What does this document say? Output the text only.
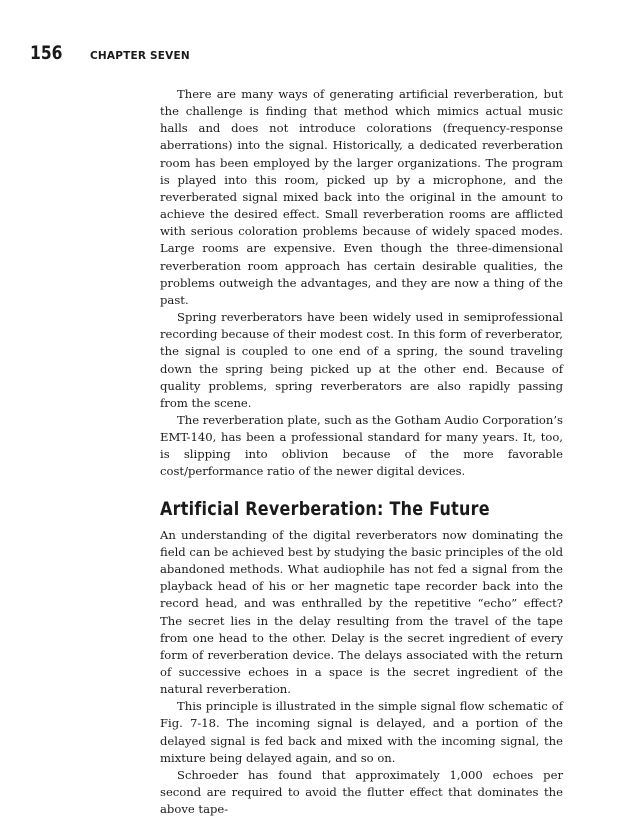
156	CHAPTER SEVEN

There are many ways of generating artificial reverberation, but the challenge is finding that method which mimics actual music halls and does not introduce colorations (frequency-response aberrations) into the signal. Historically, a dedicated reverberation room has been employed by the larger organizations. The program is played into this room, picked up by a microphone, and the reverberated signal mixed back into the original in the amount to achieve the desired effect. Small reverberation rooms are afflicted with serious coloration problems because of widely spaced modes. Large rooms are expensive. Even though the three-dimensional reverberation room approach has certain desirable qualities, the problems outweigh the advantages, and they are now a thing of the past.

Spring reverberators have been widely used in semiprofessional recording because of their modest cost. In this form of reverberator, the signal is coupled to one end of a spring, the sound traveling down the spring being picked up at the other end. Because of quality problems, spring reverberators are also rapidly passing from the scene.

The reverberation plate, such as the Gotham Audio Corporation’s EMT-140, has been a professional standard for many years. It, too, is slipping into oblivion because of the more favorable cost/performance ratio of the newer digital devices.

Artificial Reverberation: The Future

An understanding of the digital reverberators now dominating the field can be achieved best by studying the basic principles of the old abandoned methods. What audiophile has not fed a signal from the playback head of his or her magnetic tape recorder back into the record head, and was enthralled by the repetitive “echo” effect? The secret lies in the delay resulting from the travel of the tape from one head to the other. Delay is the secret ingredient of every form of reverberation device. The delays associated with the return of successive echoes in a space is the secret ingredient of the natural reverberation.

This principle is illustrated in the simple signal flow schematic of Fig. 7-18. The incoming signal is delayed, and a portion of the delayed signal is fed back and mixed with the incoming signal, the mixture being delayed again, and so on.

Schroeder has found that approximately 1,000 echoes per second are required to avoid the flutter effect that dominates the above tape-
